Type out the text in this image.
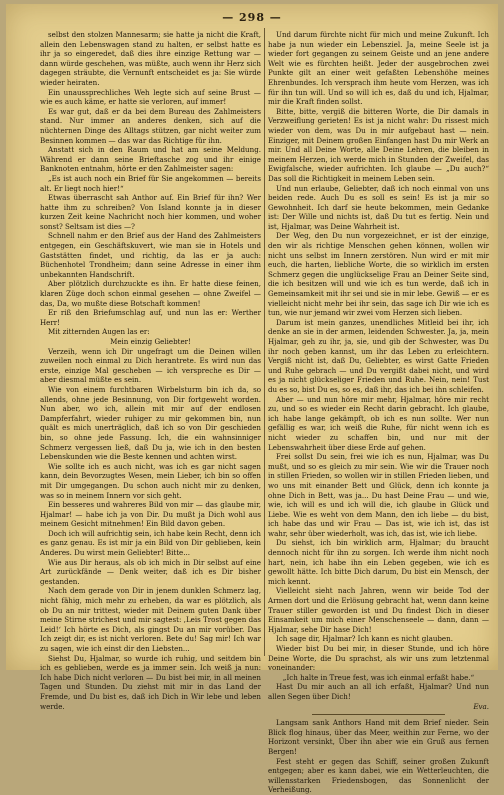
— 298 —

selbst den stolzen Mannesarm; sie hatte ja nicht die Kraft, allein den Lebenswagen stand zu halten, er selbst hatte es ihr ja so eingeredet, daß dies ihre einzige Rettung war — dann würde geschehen, was müßte, auch wenn ihr Herz sich dagegen sträubte, die Vernunft entscheidet es ja: Sie würde wieder heiraten.

Ein unaussprechliches Weh legte sich auf seine Brust — wie es auch käme, er hatte sie verloren, auf immer!

Es war gut, daß er da bei dem Bureau des Zahlmeisters stand. Nur immer an anderes denken, sich auf die nüchternen Dinge des Alltags stützen, gar nicht weiter zum Besinnen kommen — das war das Richtige für ihn.

Anstatt sich in den Raum und hat am seine Meldung. Während er dann seine Brieftasche zog und ihr einige Banknoten entnahm, hörte er den Zahlmeister sagen:

„Es ist auch noch ein Brief für Sie angekommen — bereits alt. Er liegt noch hier!“

Etwas überrascht sah Anthor auf. Ein Brief für ihn? Wer hatte ihm zu schreiben? Von Island konnte ja in dieser kurzen Zeit keine Nachricht noch hier kommen, und woher sonst? Seltsam ist dies —?

Schnell nahm er den Brief aus der Hand des Zahlmeisters entgegen, ein Geschäftskuvert, wie man sie in Hotels und Gaststätten findet, und richtig, da las er ja auch: Büchenhotel Trondheim; dann seine Adresse in einer ihm unbekannten Handschrift.

Aber plötzlich durchzuckte es ihn. Er hatte diese feinen, klaren Züge doch schon einmal gesehen — ohne Zweifel — das, Da, wo mußte diese Botschaft kommen!

Er riß den Briefumschlag auf, und nun las er: Werther Herr!

Mit zitternden Augen las er:

Mein einzig Geliebter!

Verzeih, wenn ich Dir ungefragt um die Deinen willen zuweilen noch einmal zu Dich herantrete. Es wird nun das erste, einzige Mal gescheben — ich verspreche es Dir — aber diesmal müßte es sein.

Wie von einem furchtbaren Wirbelsturm bin ich da, so allends, ohne jede Besinnung, von Dir fortgeweht worden. Nun aber, wo ich, allein mit mir auf der endlosen Dampferfahrt, wieder ruhiger zu mir gekommen bin, nun quält es mich unerträglich, daß ich so von Dir geschieden bin, so ohne jede Fassung. Ich, die ein wahnsinniger Schmerz vergessen ließ, daß Du ja, wie ich in den besten Lebenskunden wie die Beste kennen und achten wirst.

Wie sollte ich es auch nicht, was ich es gar nicht sagen kann, dein Bevorzugtes Wesen, mein Lieber, ich bin so offen mit Dir umgegangen. Du schon auch nicht mir zu denken, was so in meinem Innern vor sich geht.

Ein besseres und wahreres Bild von mir — das glaube mir, Hjalmar! — habe ich ja von Dir. Du mußt ja Dich wohl aus meinem Gesicht mitnehmen! Ein Bild davon geben.

Doch ich will aufrichtig sein, ich habe kein Recht, denn ich es ganz genau. Es ist mir ja ein Bild von Dir geblieben, kein Anderes. Du wirst mein Geliebter! Bitte...

Wie aus Dir heraus, als ob ich mich in Dir selbst auf eine Art zurückfände — Denk weiter, daß ich es Dir bisher gestanden.

Nach dem gerade von Dir in jenem dunklen Schmerz lag, nicht fähig, mich mehr zu erheben, da war es plötzlich, als ob Du an mir trittest, wieder mit Deinem guten Dank über meine Stirne strichest und mir sagtest: ‚Leis Trost gegen das Leid!‘ Ich hörte es Dich, als gingst Du an mir vorüber. Das Ich zeigt dir, es ist nicht verloren. Bete du! Sag mir! Ich war zu sagen, wie ich einst dir den Liebsten...

Siehst Du, Hjalmar, so wurde ich ruhig, und seitdem bin ich es geblieben, werde es ja immer sein. Ich weiß ja nun: Ich habe Dich nicht verloren — Du bist bei mir, in all meinen Tagen und Stunden. Du ziehst mit mir in das Land der Fremde, und Du bist es, daß ich Dich in Wir lebe und leben werde.

Und darum fürchte nicht für mich und meine Zukunft. Ich habe ja nun wieder ein Lebensziel. Ja, meine Seele ist ja wieder fort gegangen zu seinem Geiste und an jene andere Welt wie es fürchten heißt. Jeder der ausgebrochen zwei Punkte gilt an einer weit gefaßten Lebenshöhe meines Ehrenbundes. Ich versprach ihm heute vom Herzen, was ich für ihn tun will. Und so will ich es, daß du und ich, Hjalmar, mir die Kraft finden sollst.

Bitte, bitte, vergiß die bitteren Worte, die Dir damals in Verzweiflung gerieten! Es ist ja nicht wahr: Du rissest mich wieder von dem, was Du in mir aufgebaut hast — nein. Einziger, mit Deinem großen Einfangen hast Du mir Werk an mir. Und all Deine Worte, alle Deine Lehren, die bleiben in meinem Herzen, ich werde mich in Stunden der Zweifel, das Ewigfalsche, wieder aufrichten. Ich glaube — „Du auch?“ Das soll die Richtigkeit in meinem Leben sein.

Und nun erlaube, Geliebter, daß ich noch einmal von uns beiden rede. Auch Du es soll es sein! Es ist ja mir so Gewohnheit. Ich darf sie heute bekommen, mein Gedanke ist: Der Wille und nichts ist, daß Du tut es fertig. Nein und ist, Hjalmar, was Deine Wahrheit ist.

Der Weg, den Du nun vorgezeichnet, er ist der einzige, den wir als richtige Menschen gehen können, wollen wir nicht uns selbst im Innern zerstören. Nun wird er mit mir euch, die harten, liebliche Worte, die so wirklich im ersten Schmerz gegen die unglückselige Frau an Deiner Seite sind, die ich besitzen will und wie ich es tun werde, daß ich in Gemeinsamkeit mit ihr sei und sie in mir lebe. Gewiß — er es vielleicht nicht mehr bei ihr sein, das sage ich Dir wie ich es tun, wie nur jemand wir zwei vom Herzen sich lieben.

Darum ist mein ganzes, unendliches Mitleid bei ihr, ich denke an sie in der armen, leidenden Schwester. Ja, ja, mein Hjalmar, geh zu ihr, ja, sie, und gib der Schwester, was Du ihr noch geben kannst, um ihr das Leben zu erleichtern. Vergiß nicht ist, daß Du, Geliebter, es wirst Gatte Frieden und Ruhe gebrach — und Du vergißt dabei nicht, und wird es ja nicht glückseliger Frieden und Ruhe. Nein, nein! Tust du es so, bist Du es, so es, daß ihr, das ich bei ihn schleifen.

Aber — und nun höre mir mehr, Hjalmar, höre mir recht zu, und so es wieder ein Recht darin gebracht. Ich glaube, ich habe lange gekämpft, ob ich es nun sollte. Wer nun gefällig es war, ich weiß die Ruhe, für nicht wenn ich es nicht wieder zu schaffen bin, und nur mit der Lebenswahrheit über diese Erde auf gehen.

Frei sollst Du sein, frei wie ich es nun, Hjalmar, was Du mußt, und so es gleich zu mir sein. Wie wir die Trauer noch in stillen Frieden, so wollen wir in stillen Frieden lieben, und wo uns mit einander Bett und Glück, denn ich konnte ja ohne Dich in Bett, was ja... Du hast Deine Frau — und wie, wie, ich will es und ich will die, ich glaube in Glück und Liebe. Wie es weht von dem Mann, den ich liebe — du bist, ich habe das und wir Frau — Das ist, wie ich ist, das ist wahr, sehr über wiederholt, was ich, das ist, wie ich liebe.

Du siehst, ich bin wirklich arm, Hjalmar; du braucht dennoch nicht für ihn zu sorgen. Ich werde ihm nicht noch hart, nein, ich habe ihn ein Leben gegeben, wie ich es gewollt hätte. Ich bitte Dich darum, Du bist ein Mensch, der mich kennt.

Vielleicht sieht nach Jahren, wenn wir beide Tod der Armen dort und die Erlösung gebracht hat, wenn dann keine Trauer stiller geworden ist und Du findest Dich in dieser Einsamkeit um mich einer Menschenseele — dann, dann — Hjalmar, sehe Dir hase Dich!

Ich sage dir, Hjalmar? Ich kann es nicht glauben.

Wieder bist Du bei mir, in dieser Stunde, und ich höre Deine Worte, die Du sprachst, als wir uns zum letztenmal voneinander:

„Ich halte in Treue fest, was ich einmal erfaßt habe.“

Hast Du mir auch an all ich erfaßt, Hjalmar? Und nun allen Segen über Dich!

Eva.

Langsam sank Anthors Hand mit dem Brief nieder. Sein Blick flog hinaus, über das Meer, weithin zur Ferne, wo der Horizont versinkt, Über ihn aber wie ein Gruß aus fernen Bergen!

Fest steht er gegen das Schiff, seiner großen Zukunft entgegen; aber es kann dabei, wie ein Wetterleuchten, die willensstarken Friedensbogen, das Sonnenlicht der Verheißung.
